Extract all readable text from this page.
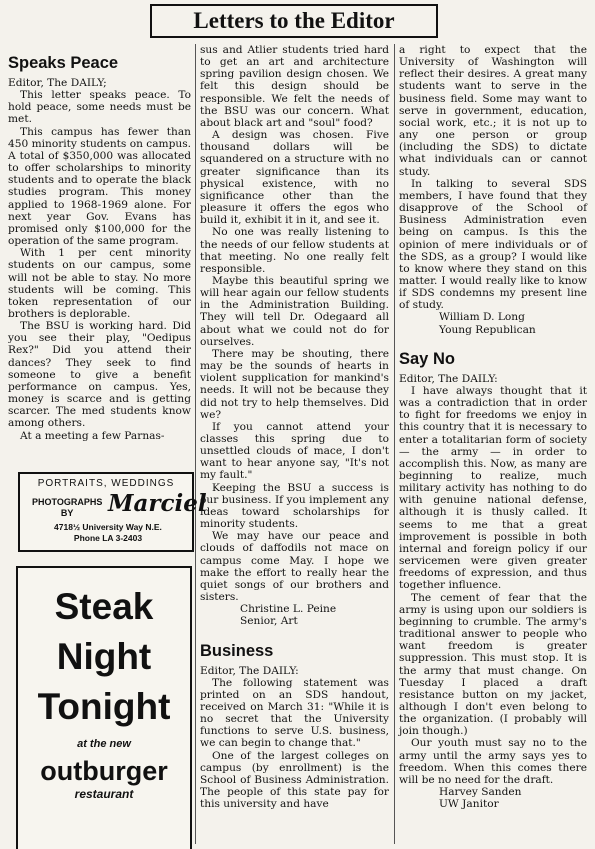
Letters to the Editor
Speaks Peace

Editor, The DAILY;

This letter speaks peace. To hold peace, some needs must be met.

This campus has fewer than 450 minority students on campus. A total of $350,000 was allocated to offer scholarships to minority students and to operate the black studies program. This money applied to 1968-1969 alone. For next year Gov. Evans has promised only $100,000 for the operation of the same program.

With 1 per cent minority students on our campus, some will not be able to stay. No more students will be coming. This token representation of our brothers is deplorable.

The BSU is working hard. Did you see their play, "Oedipus Rex?" Did you attend their dances? They seek to find someone to give a benefit performance on campus. Yes, money is scarce and is getting scarcer. The med students know among others.

At a meeting a few Parnas-

PORTRAITS, WEDDINGS
PHOTOGRAPHS
BY	Marciel
4718½ University Way N.E.
Phone LA 3-2403
Steak
Night
Tonight
at the new
outburger
restaurant

sus and Atlier students tried hard to get an art and architecture spring pavilion design chosen. We felt this design should be responsible. We felt the needs of the BSU was our concern. What about black art and "soul" food?

A design was chosen. Five thousand dollars will be squandered on a structure with no greater significance than its physical existence, with no significance other than the pleasure it offers the egos who build it, exhibit it in it, and see it.

No one was really listening to the needs of our fellow students at that meeting. No one really felt responsible.

Maybe this beautiful spring we will hear again our fellow students in the Administration Building. They will tell Dr. Odegaard all about what we could not do for ourselves.

There may be shouting, there may be the sounds of hearts in violent supplication for mankind's needs. It will not be because they did not try to help themselves. Did we?

If you cannot attend your classes this spring due to unsettled clouds of mace, I don't want to hear anyone say, "It's not my fault."

Keeping the BSU a success is our business. If you implement any ideas toward scholarships for minority students.

We may have our peace and clouds of daffodils not mace on campus come May. I hope we make the effort to really hear the quiet songs of our brothers and sisters.

Christine L. Peine

Senior, Art

Business

Editor, The DAILY:

The following statement was printed on an SDS handout, received on March 31: "While it is no secret that the University functions to serve U.S. business, we can begin to change that."

One of the largest colleges on campus (by enrollment) is the School of Business Administration. The people of this state pay for this university and have

a right to expect that the University of Washington will reflect their desires. A great many students want to serve in the business field. Some may want to serve in government, education, social work, etc.; it is not up to any one person or group (including the SDS) to dictate what individuals can or cannot study.

In talking to several SDS members, I have found that they disapprove of the School of Business Administration even being on campus. Is this the opinion of mere individuals or of the SDS, as a group? I would like to know where they stand on this matter. I would really like to know if SDS condemns my present line of study.

William D. Long

Young Republican

Say No

Editor, The DAILY:

I have always thought that it was a contradiction that in order to fight for freedoms we enjoy in this country that it is necessary to enter a totalitarian form of society — the army — in order to accomplish this. Now, as many are beginning to realize, much military activity has nothing to do with genuine national defense, although it is thusly called. It seems to me that a great improvement is possible in both internal and foreign policy if our servicemen were given greater freedoms of expression, and thus together influence.

The cement of fear that the army is using upon our soldiers is beginning to crumble. The army's traditional answer to people who want freedom is greater suppression. This must stop. It is the army that must change. On Tuesday I placed a draft resistance button on my jacket, although I don't even belong to the organization. (I probably will join though.)

Our youth must say no to the army until the army says yes to freedom. When this comes there will be no need for the draft.

Harvey Sanden

UW Janitor
